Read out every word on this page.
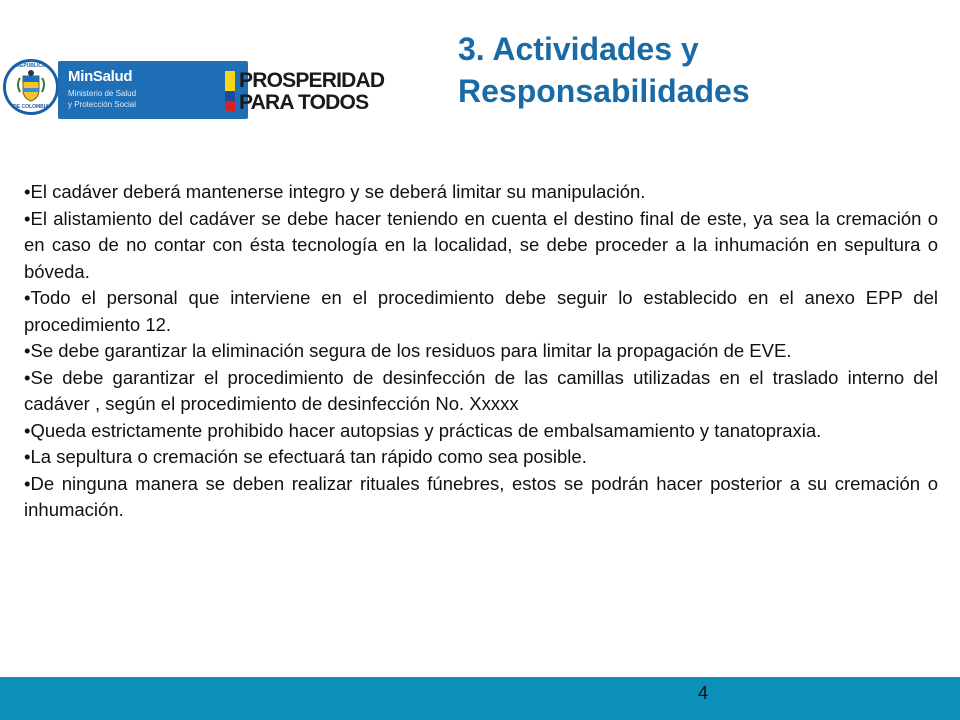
REPÚBLICA
DE COLOMBIA
MinSalud
Ministerio de Salud
y Protección Social
PROSPERIDAD
PARA TODOS
3. Actividades y
Responsabilidades

•El cadáver deberá mantenerse integro y se deberá limitar su manipulación.

•El alistamiento del cadáver se debe hacer teniendo en cuenta el destino final de este, ya sea la cremación o en caso de no contar con ésta tecnología en la localidad, se debe proceder a la inhumación en sepultura o bóveda.

•Todo el personal que interviene en el procedimiento debe seguir lo establecido en el anexo EPP del procedimiento 12.

•Se debe garantizar la eliminación segura de los residuos para limitar la propagación de EVE.

•Se debe garantizar el procedimiento de desinfección de las camillas utilizadas en el traslado interno del cadáver , según el procedimiento de desinfección No. Xxxxx

•Queda estrictamente prohibido hacer autopsias y prácticas de embalsamamiento y tanatopraxia.

•La sepultura o cremación se efectuará tan rápido como sea posible.

•De ninguna manera se deben realizar rituales fúnebres, estos se podrán hacer posterior a su cremación o inhumación.

4
